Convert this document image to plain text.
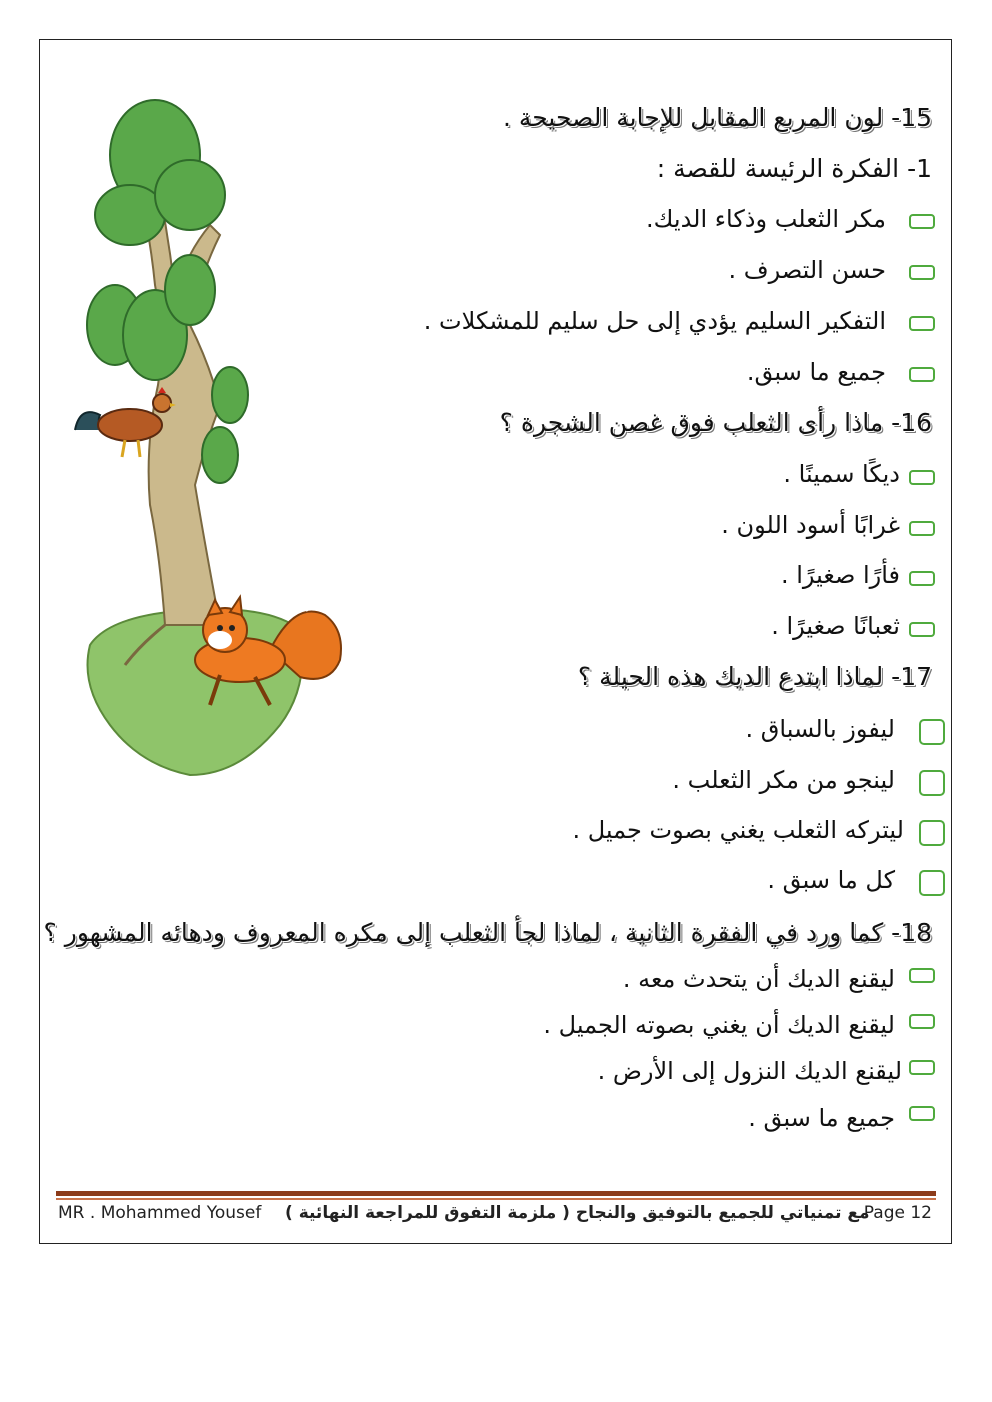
15- لون المربع المقابل للإجابة الصحيحة .
1- الفكرة الرئيسة للقصة :
مكر الثعلب وذكاء الديك.
حسن التصرف .
التفكير السليم يؤدي إلى حل سليم للمشكلات .
جميع ما سبق.
16- ماذا رأى الثعلب فوق غصن الشجرة ؟
ديكًا سمينًا .
غرابًا أسود اللون .
فأرًا صغيرًا .
ثعبانًا صغيرًا .
17- لماذا ابتدع الديك هذه الحيلة ؟
ليفوز بالسباق .
لينجو من مكر الثعلب .
ليتركه الثعلب يغني بصوت جميل .
كل ما سبق .
18- كما ورد في الفقرة الثانية ، لماذا لجأ الثعلب إلى مكره المعروف ودهائه المشهور ؟
ليقنع الديك أن يتحدث معه .
ليقنع الديك أن يغني بصوته الجميل .
ليقنع الديك النزول إلى الأرض .
جميع ما سبق .
MR . Mohammed Yousef مع تمنياتي للجميع بالتوفيق والنجاح ( ملزمة التفوق للمراجعة النهائية )
Page 12
